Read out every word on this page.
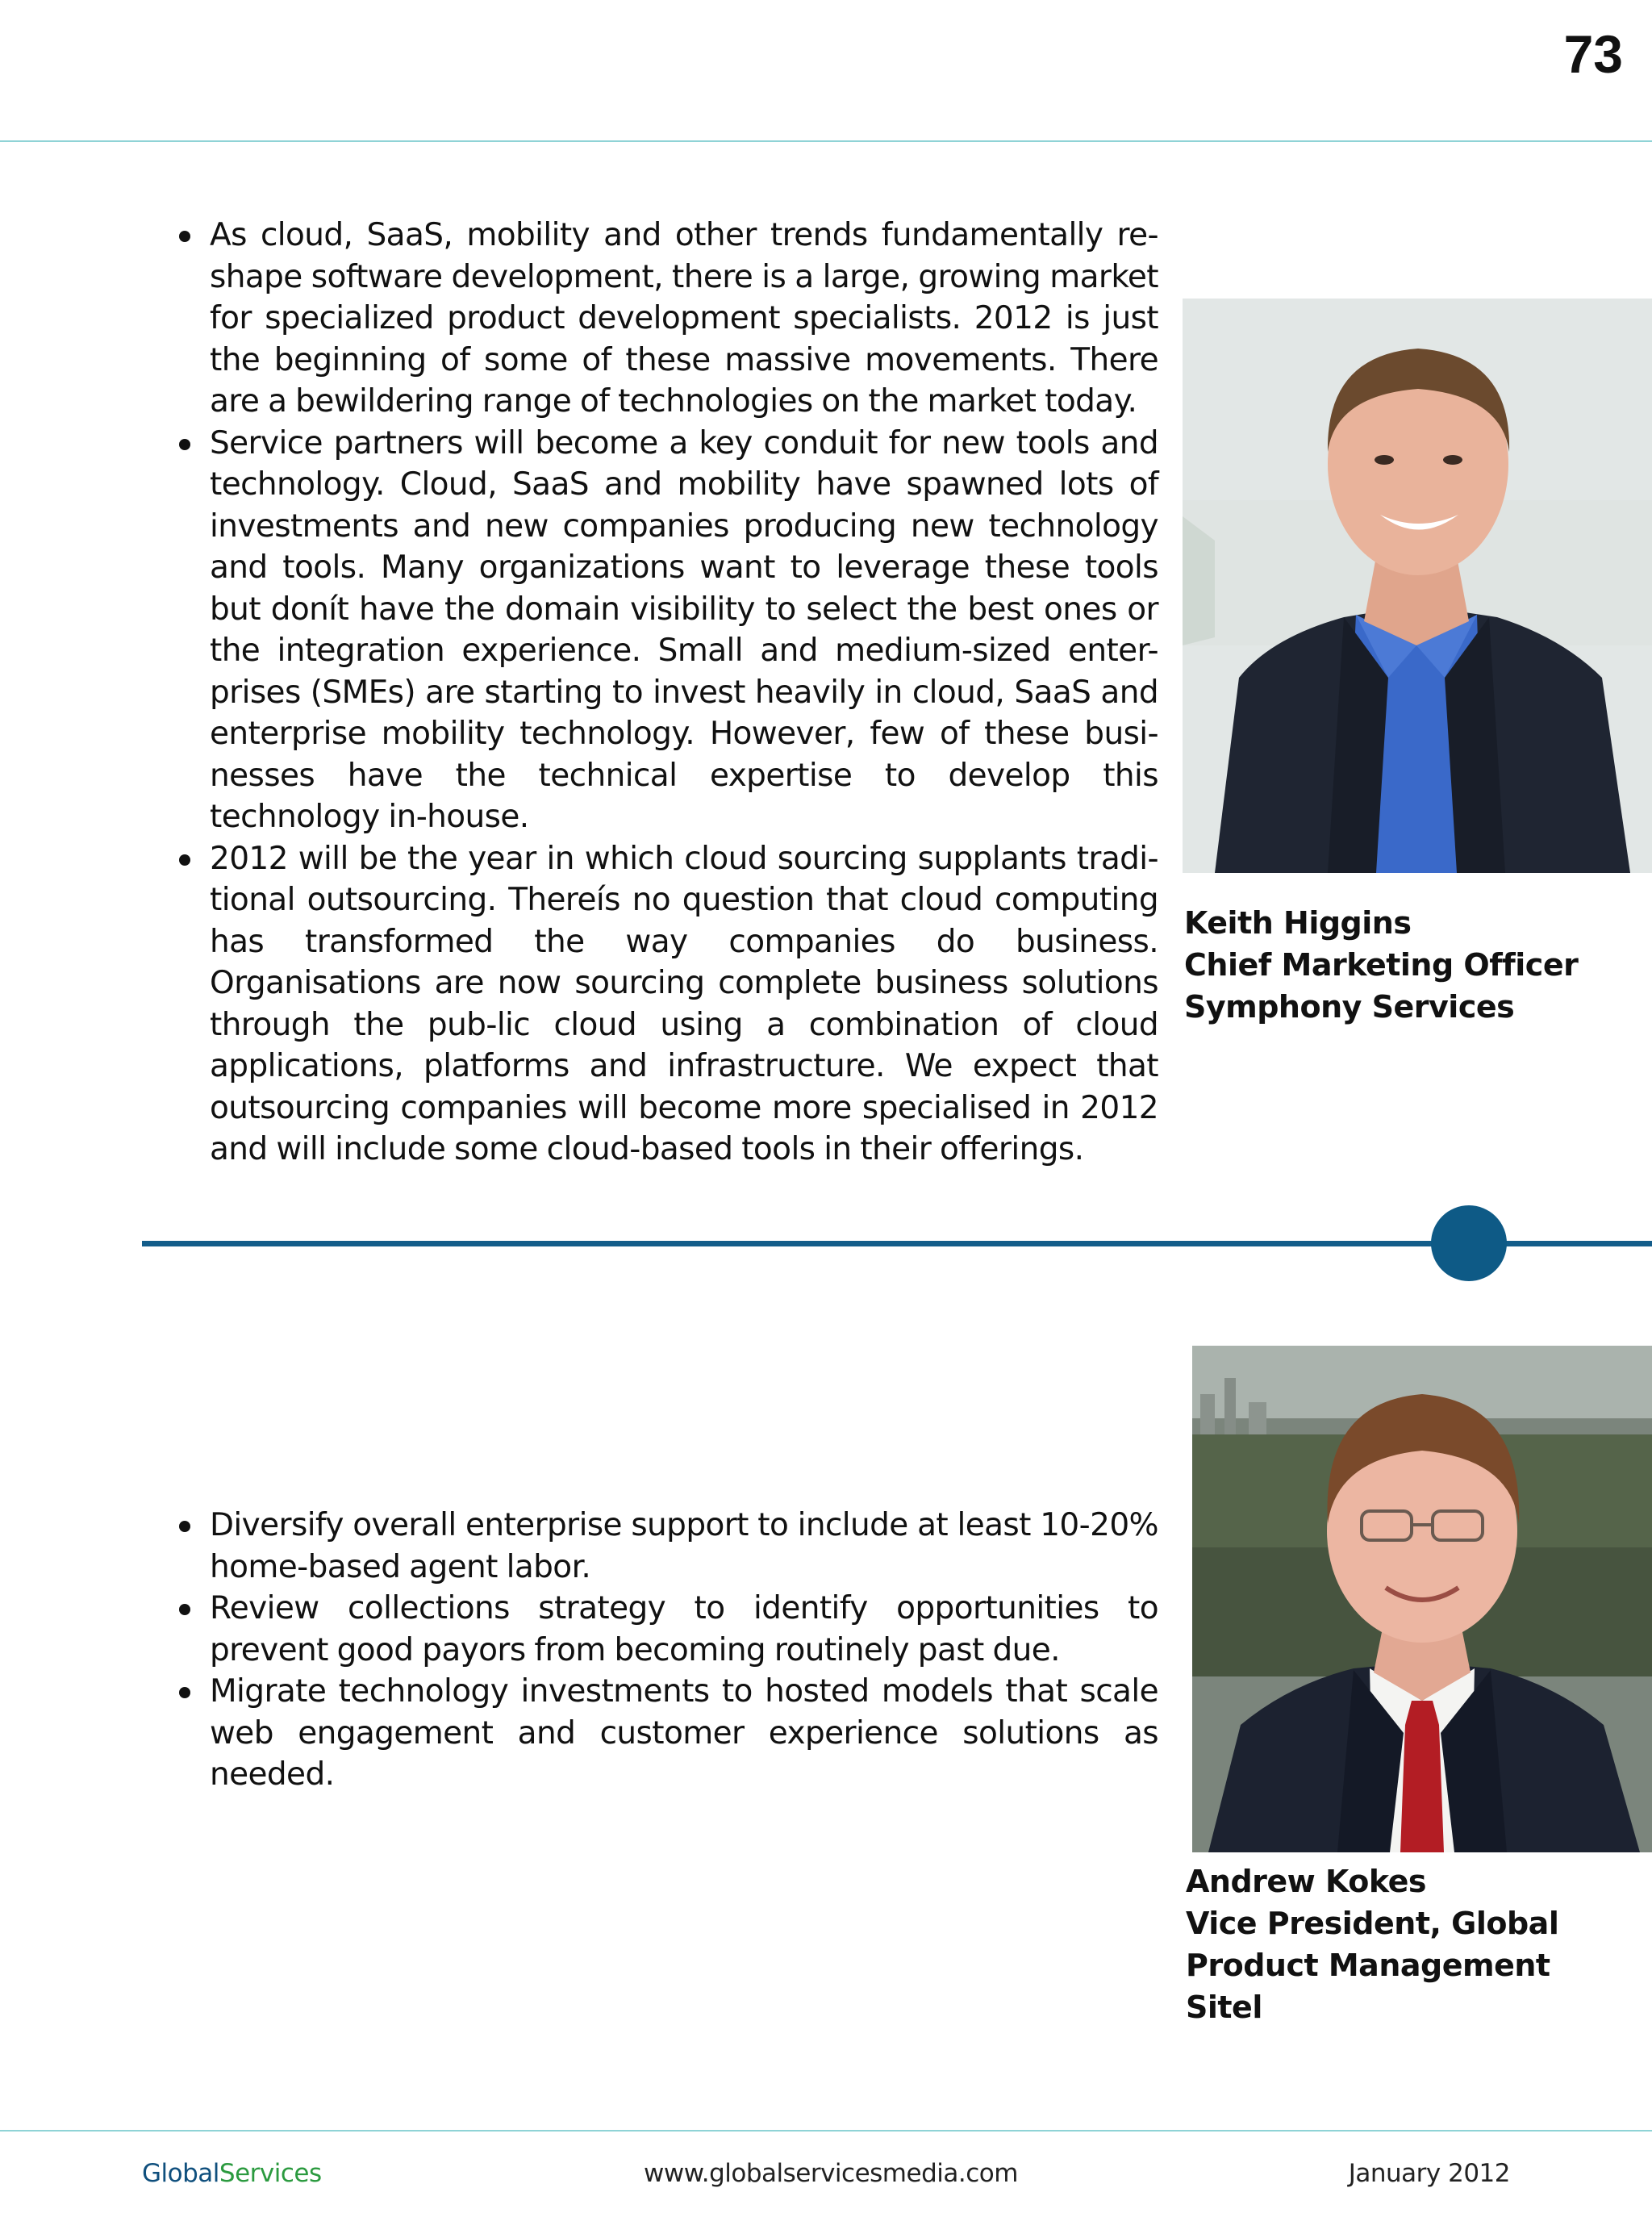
73
As cloud, SaaS, mobility and other trends fundamentally re-shape software development, there is a large, growing market for specialized product development specialists. 2012 is just the beginning of some of these massive movements. There are a bewildering range of technologies on the market today.
Service partners will become a key conduit for new tools and technology. Cloud, SaaS and mobility have spawned lots of investments and new companies producing new technology and tools. Many organizations want to leverage these tools but donít have the domain visibility to select the best ones or the integration experience. Small and medium-sized enter-prises (SMEs) are starting to invest heavily in cloud, SaaS and enterprise mobility technology. However, few of these busi-nesses have the technical expertise to develop this technology in-house.
2012 will be the year in which cloud sourcing supplants tradi-tional outsourcing. Thereís no question that cloud computing has transformed the way companies do business. Organisations are now sourcing complete business solutions through the pub-lic cloud using a combination of cloud applications, platforms and infrastructure. We expect that outsourcing companies will become more specialised in 2012 and will include some cloud-based tools in their offerings.
Keith Higgins
Chief Marketing Officer
Symphony Services
Diversify overall enterprise support to include at least 10-20% home-based agent labor.
Review collections strategy to identify opportunities to prevent good payors from becoming routinely past due.
Migrate technology investments to hosted models that scale web engagement and customer experience solutions as needed.
Andrew Kokes
Vice President, Global
Product Management
Sitel
GlobalServices	www.globalservicesmedia.com	January 2012
